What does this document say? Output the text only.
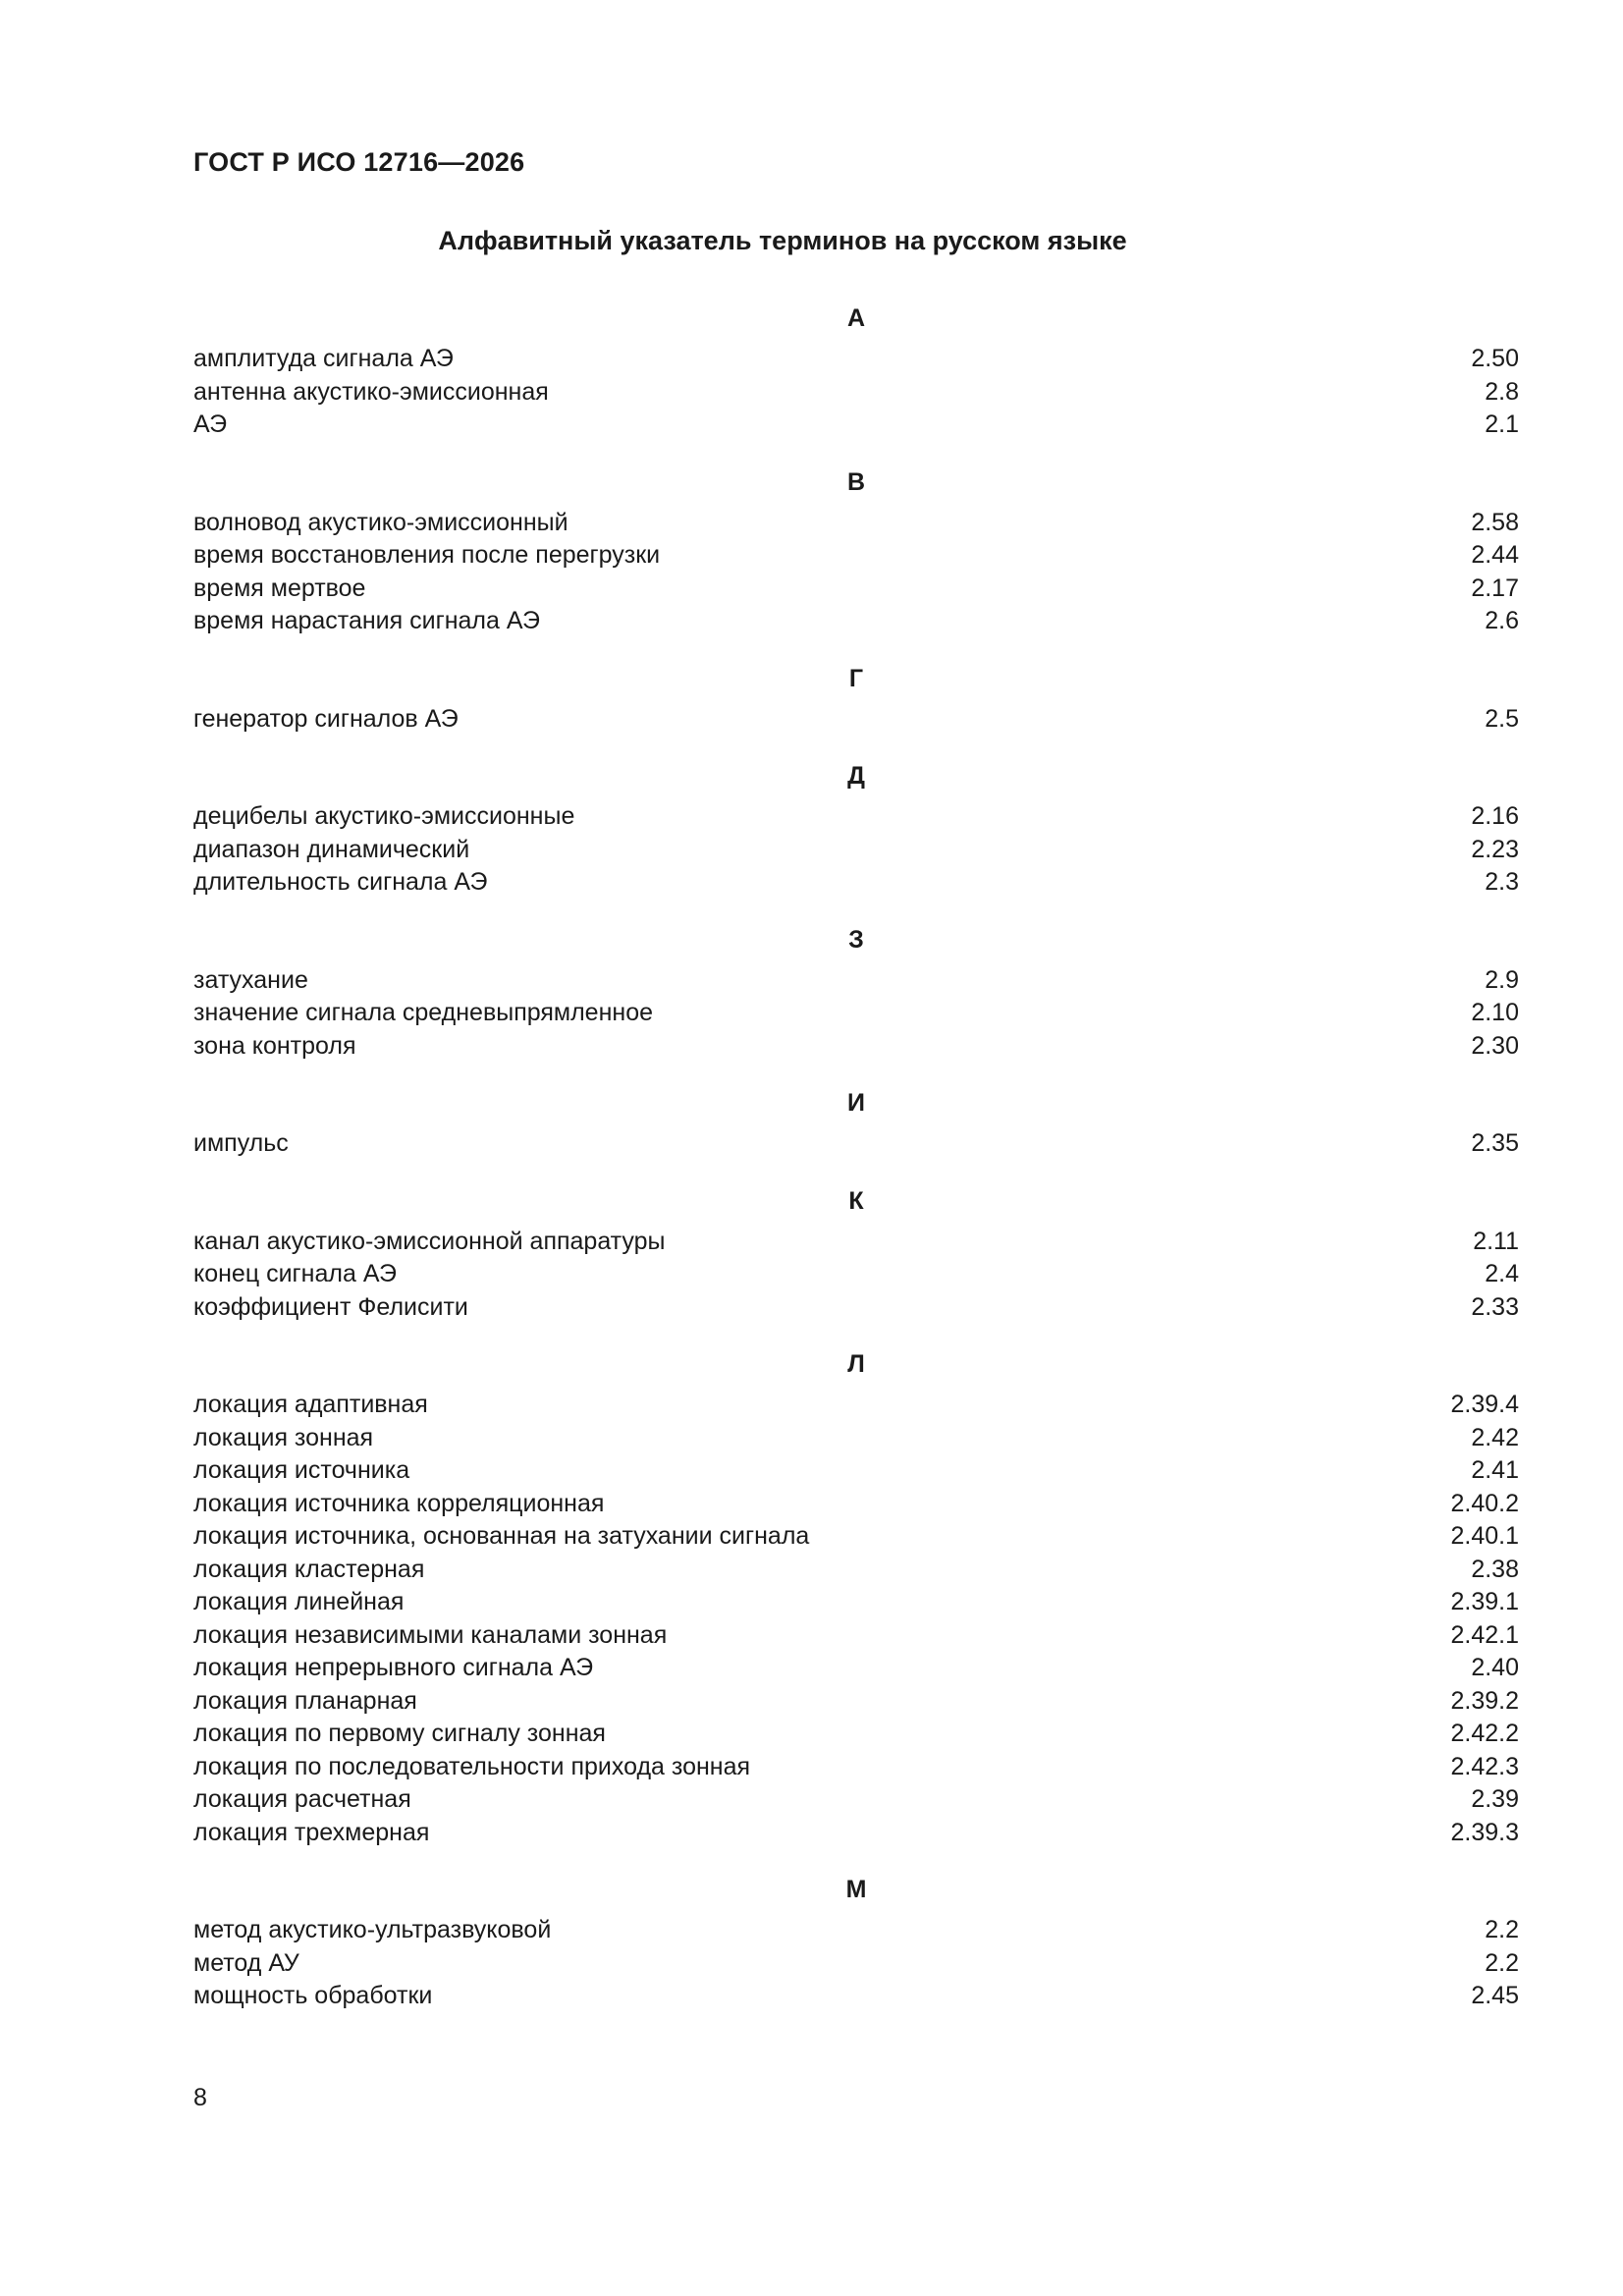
ГОСТ Р ИСО 12716—2026
Алфавитный указатель терминов на русском языке
А
амплитуда сигнала АЭ	2.50
антенна акустико-эмиссионная	2.8
АЭ	2.1
В
волновод акустико-эмиссионный	2.58
время восстановления после перегрузки	2.44
время мертвое	2.17
время нарастания сигнала АЭ	2.6
Г
генератор сигналов АЭ	2.5
Д
децибелы акустико-эмиссионные	2.16
диапазон динамический	2.23
длительность сигнала АЭ	2.3
З
затухание	2.9
значение сигнала средневыпрямленное	2.10
зона контроля	2.30
И
импульс	2.35
К
канал акустико-эмиссионной аппаратуры	2.11
конец сигнала АЭ	2.4
коэффициент Фелисити	2.33
Л
локация адаптивная	2.39.4
локация зонная	2.42
локация источника	2.41
локация источника корреляционная	2.40.2
локация источника, основанная на затухании сигнала	2.40.1
локация кластерная	2.38
локация линейная	2.39.1
локация независимыми каналами зонная	2.42.1
локация непрерывного сигнала АЭ	2.40
локация планарная	2.39.2
локация по первому сигналу зонная	2.42.2
локация по последовательности прихода зонная	2.42.3
локация расчетная	2.39
локация трехмерная	2.39.3
М
метод акустико-ультразвуковой	2.2
метод АУ	2.2
мощность обработки	2.45
8
